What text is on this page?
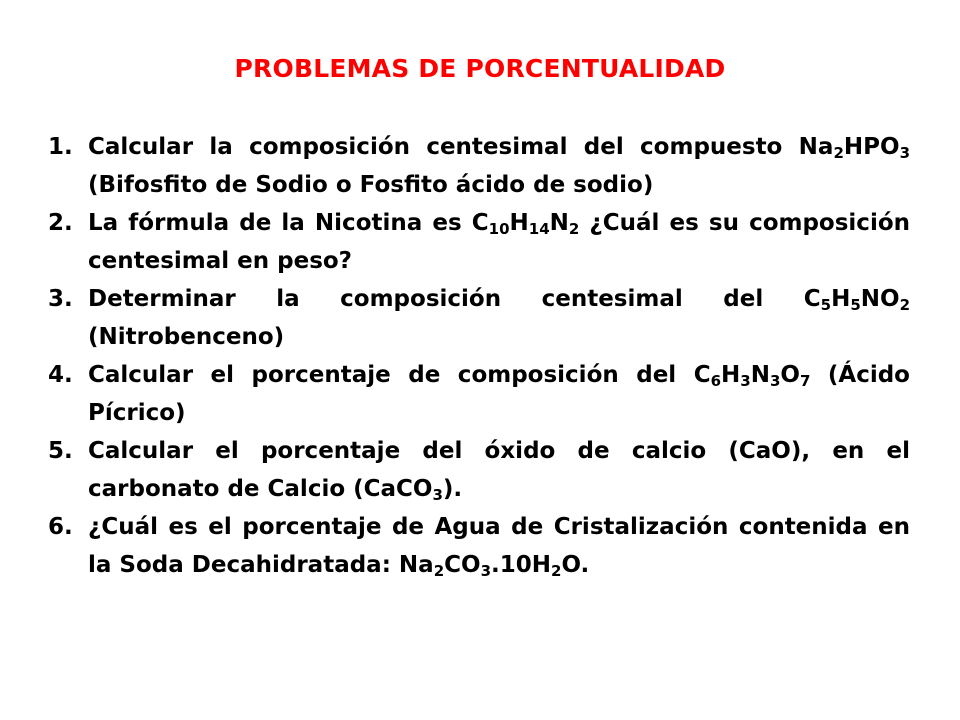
PROBLEMAS DE PORCENTUALIDAD
1. Calcular la composición centesimal del compuesto $Na_2HPO_3$ (Bifosfito de Sodio o Fosfito ácido de sodio)
2. La fórmula de la Nicotina es $C_{10}H_{14}N_2$ ¿Cuál es su composición centesimal en peso?
3. Determinar la composición centesimal del $C_5H_5NO_2$ (Nitrobenceno)
4. Calcular el porcentaje de composición del $C_6H_3N_3O_7$ (Ácido Pícrico)
5. Calcular el porcentaje del óxido de calcio (CaO), en el carbonato de Calcio (CaCO$_3$).
6. ¿Cuál es el porcentaje de Agua de Cristalización contenida en la Soda Decahidratada: $Na_2CO_3.10H_2O$.
